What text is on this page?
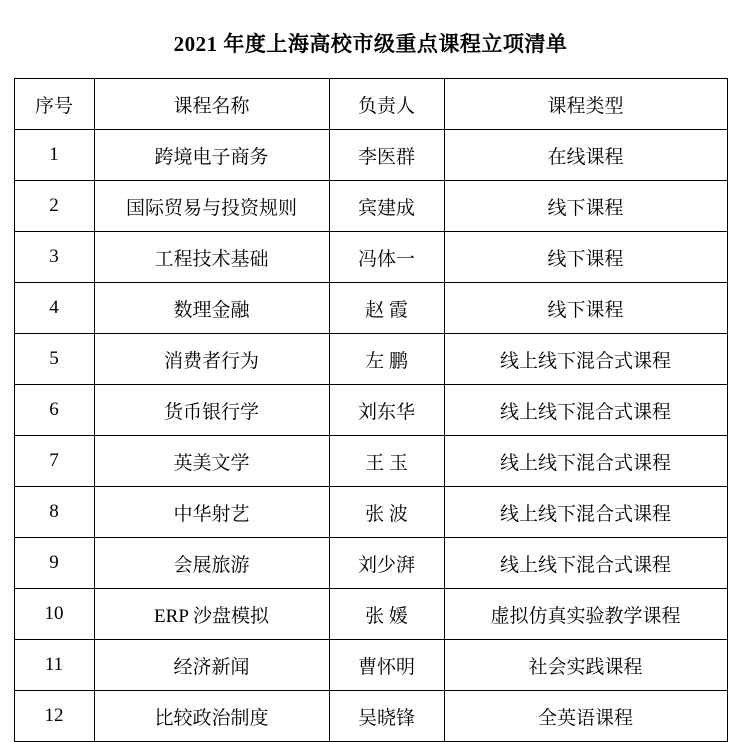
2021 年度上海高校市级重点课程立项清单
序号	课程名称	负责人	课程类型

1	跨境电子商务	李医群	在线课程

2	国际贸易与投资规则	宾建成	线下课程

3	工程技术基础	冯体一	线下课程

4	数理金融	赵 霞	线下课程

5	消费者行为	左 鹏	线上线下混合式课程

6	货币银行学	刘东华	线上线下混合式课程

7	英美文学	王 玉	线上线下混合式课程

8	中华射艺	张 波	线上线下混合式课程

9	会展旅游	刘少湃	线上线下混合式课程

10	ERP 沙盘模拟	张 媛	虚拟仿真实验教学课程

11	经济新闻	曹怀明	社会实践课程

12	比较政治制度	吴晓锋	全英语课程
